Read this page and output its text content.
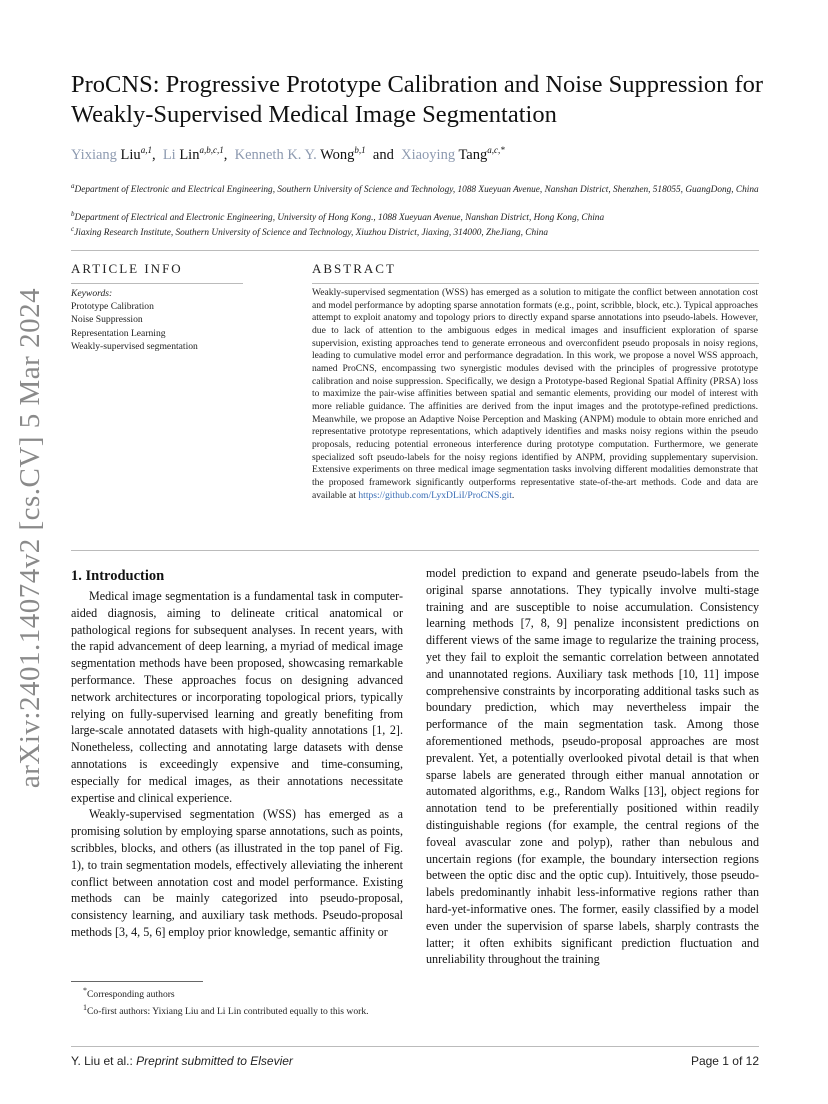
arXiv:2401.14074v2 [cs.CV] 5 Mar 2024
ProCNS: Progressive Prototype Calibration and Noise Suppression for Weakly-Supervised Medical Image Segmentation
Yixiang Liu$^{a,1}$,  Li Lin$^{a,b,c,1}$,  Kenneth K. Y. Wong$^{b,1}$ and Xiaoying Tang$^{a,c,*}$
$^a$Department of Electronic and Electrical Engineering, Southern University of Science and Technology, 1088 Xueyuan Avenue, Nanshan District, Shenzhen, 518055, GuangDong, China
$^b$Department of Electrical and Electronic Engineering, University of Hong Kong., 1088 Xueyuan Avenue, Nanshan District, Hong Kong, China
$^c$Jiaxing Research Institute, Southern University of Science and Technology, Xiuzhou District, Jiaxing, 314000, ZheJiang, China
ARTICLE INFO
Keywords:
Prototype Calibration
Noise Suppression
Representation Learning
Weakly-supervised segmentation
ABSTRACT
Weakly-supervised segmentation (WSS) has emerged as a solution to mitigate the conflict between annotation cost and model performance by adopting sparse annotation formats (e.g., point, scribble, block, etc.). Typical approaches attempt to exploit anatomy and topology priors to directly expand sparse annotations into pseudo-labels. However, due to lack of attention to the ambiguous edges in medical images and insufficient exploration of sparse supervision, existing approaches tend to generate erroneous and overconfident pseudo proposals in noisy regions, leading to cumulative model error and performance degradation. In this work, we propose a novel WSS approach, named ProCNS, encompassing two synergistic modules devised with the principles of progressive prototype calibration and noise suppression. Specifically, we design a Prototype-based Regional Spatial Affinity (PRSA) loss to maximize the pair-wise affinities between spatial and semantic elements, providing our model of interest with more reliable guidance. The affinities are derived from the input images and the prototype-refined predictions. Meanwhile, we propose an Adaptive Noise Perception and Masking (ANPM) module to obtain more enriched and representative prototype representations, which adaptively identifies and masks noisy regions within the pseudo proposals, reducing potential erroneous interference during prototype computation. Furthermore, we generate specialized soft pseudo-labels for the noisy regions identified by ANPM, providing supplementary supervision. Extensive experiments on three medical image segmentation tasks involving different modalities demonstrate that the proposed framework significantly outperforms representative state-of-the-art methods. Code and data are available at https://github.com/LyxDLiI/ProCNS.git.
1. Introduction

Medical image segmentation is a fundamental task in computer-aided diagnosis, aiming to delineate critical anatomical or pathological regions for subsequent analyses. In recent years, with the rapid advancement of deep learning, a myriad of medical image segmentation methods have been proposed, showcasing remarkable performance. These approaches focus on designing advanced network architectures or incorporating topological priors, typically relying on fully-supervised learning and greatly benefiting from large-scale annotated datasets with high-quality annotations [1, 2]. Nonetheless, collecting and annotating large datasets with dense annotations is exceedingly expensive and time-consuming, especially for medical images, as their annotations necessitate expertise and clinical experience.

Weakly-supervised segmentation (WSS) has emerged as a promising solution by employing sparse annotations, such as points, scribbles, blocks, and others (as illustrated in the top panel of Fig. 1), to train segmentation models, effectively alleviating the inherent conflict between annotation cost and model performance. Existing methods can be mainly categorized into pseudo-proposal, consistency learning, and auxiliary task methods. Pseudo-proposal methods [3, 4, 5, 6] employ prior knowledge, semantic affinity or

model prediction to expand and generate pseudo-labels from the original sparse annotations. They typically involve multi-stage training and are susceptible to noise accumulation. Consistency learning methods [7, 8, 9] penalize inconsistent predictions on different views of the same image to regularize the training process, yet they fail to exploit the semantic correlation between annotated and unannotated regions. Auxiliary task methods [10, 11] impose comprehensive constraints by incorporating additional tasks such as boundary prediction, which may nevertheless impair the performance of the main segmentation task. Among those aforementioned methods, pseudo-proposal approaches are most prevalent. Yet, a potentially overlooked pivotal detail is that when sparse labels are generated through either manual annotation or automated algorithms, e.g., Random Walks [13], object regions for annotation tend to be preferentially positioned within readily distinguishable regions (for example, the central regions of the foveal avascular zone and polyp), rather than nebulous and uncertain regions (for example, the boundary intersection regions between the optic disc and the optic cup). Intuitively, those pseudo-labels predominantly inhabit less-informative regions rather than hard-yet-informative ones. The former, easily classified by a model even under the supervision of sparse labels, sharply contrasts the latter; it often exhibits significant prediction fluctuation and unreliability throughout the training

*Corresponding authors

$^1$Co-first authors: Yixiang Liu and Li Lin contributed equally to this work.

Y. Liu et al.: Preprint submitted to Elsevier	Page 1 of 12
